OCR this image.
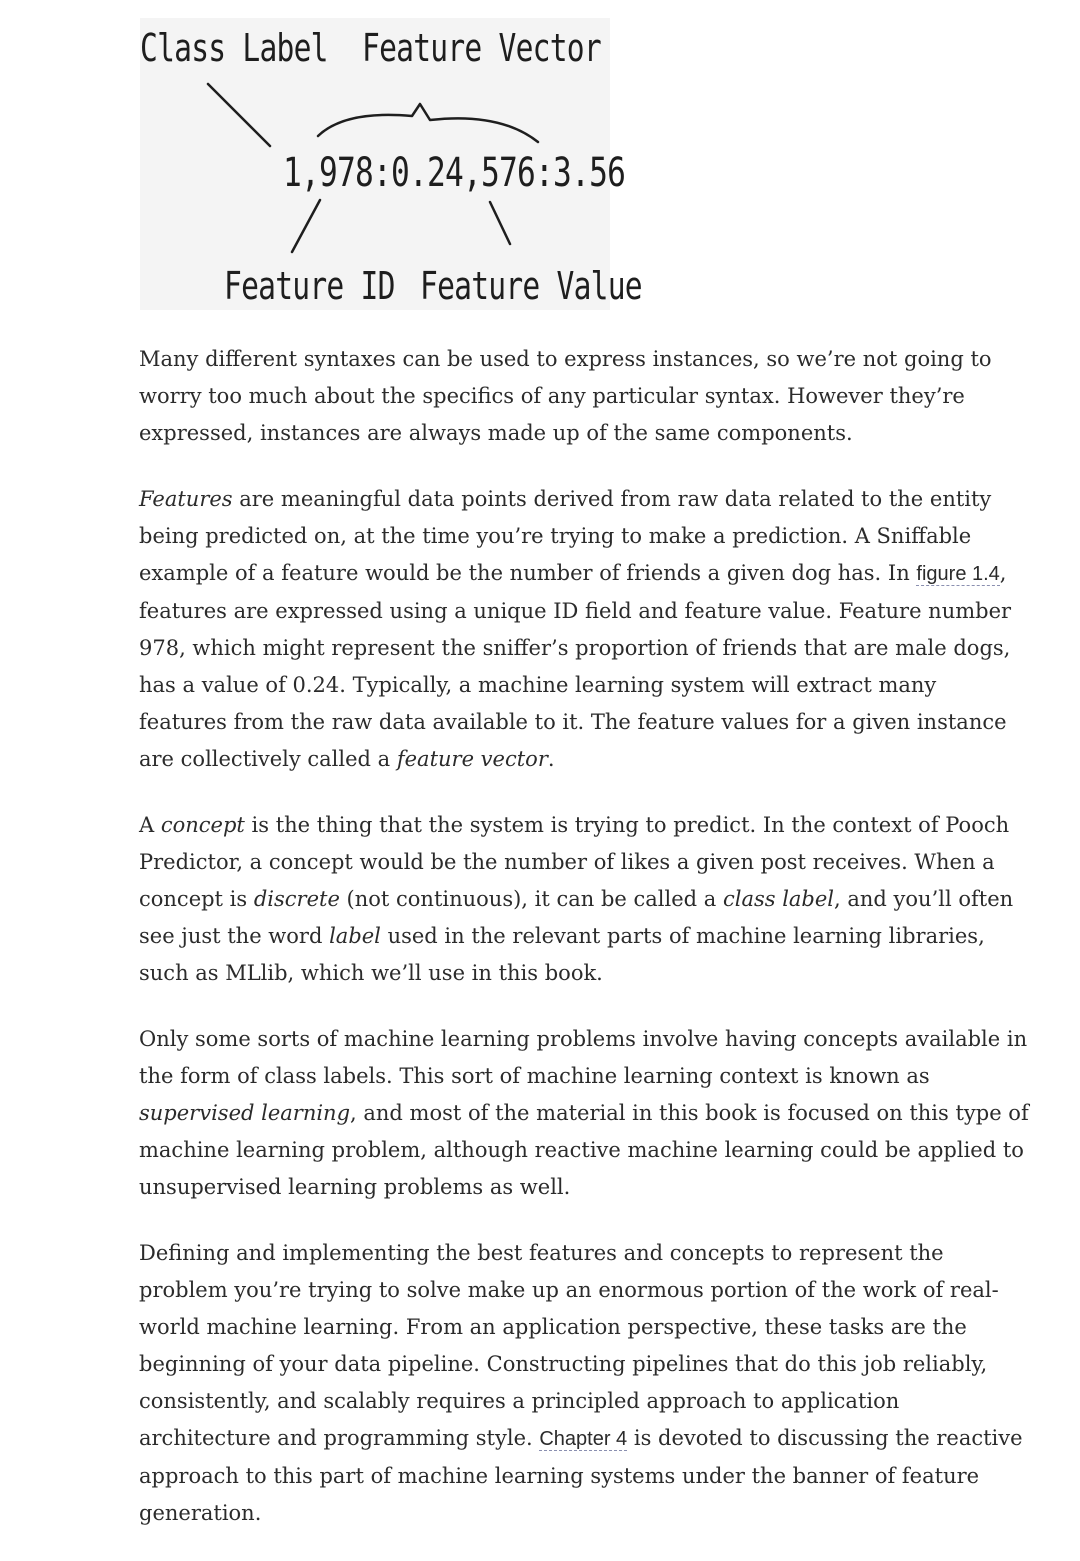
Class Label Feature Vector
1,978:0.24,576:3.56
Feature ID Feature Value

Many different syntaxes can be used to express instances, so we’re not going to worry too much about the specifics of any particular syntax. However they’re expressed, instances are always made up of the same components.

Features are meaningful data points derived from raw data related to the entity being predicted on, at the time you’re trying to make a prediction. A Sniffable example of a feature would be the number of friends a given dog has. In figure 1.4, features are expressed using a unique ID field and feature value. Feature number 978, which might represent the sniffer’s proportion of friends that are male dogs, has a value of 0.24. Typically, a machine learning system will extract many features from the raw data available to it. The feature values for a given instance are collectively called a feature vector.

A concept is the thing that the system is trying to predict. In the context of Pooch Predictor, a concept would be the number of likes a given post receives. When a concept is discrete (not continuous), it can be called a class label, and you’ll often see just the word label used in the relevant parts of machine learning libraries, such as MLlib, which we’ll use in this book.

Only some sorts of machine learning problems involve having concepts available in the form of class labels. This sort of machine learning context is known as supervised learning, and most of the material in this book is focused on this type of machine learning problem, although reactive machine learning could be applied to unsupervised learning problems as well.

Defining and implementing the best features and concepts to represent the problem you’re trying to solve make up an enormous portion of the work of real-world machine learning. From an application perspective, these tasks are the beginning of your data pipeline. Constructing pipelines that do this job reliably, consistently, and scalably requires a principled approach to application architecture and programming style. Chapter 4 is devoted to discussing the reactive approach to this part of machine learning systems under the banner of feature generation.
